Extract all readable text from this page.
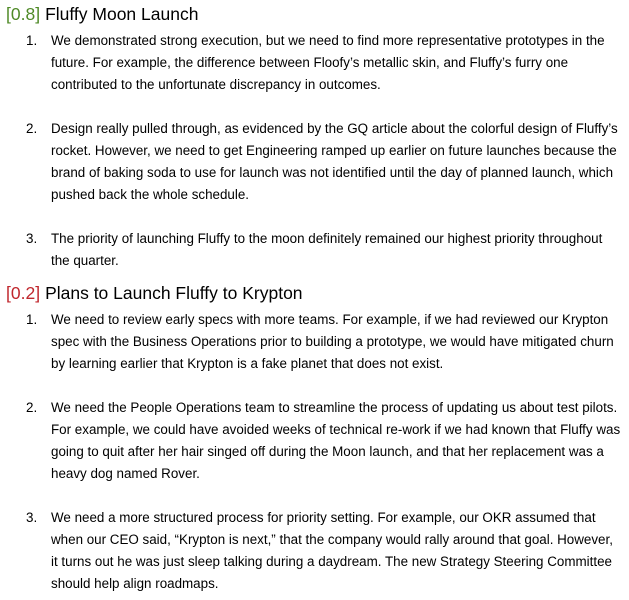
[0.8] Fluffy Moon Launch
1.	We demonstrated strong execution, but we need to find more representative prototypes in the future. For example, the difference between Floofy’s metallic skin, and Fluffy’s furry one contributed to the unfortunate discrepancy in outcomes.
2.	Design really pulled through, as evidenced by the GQ article about the colorful design of Fluffy’s rocket. However, we need to get Engineering ramped up earlier on future launches because the brand of baking soda to use for launch was not identified until the day of planned launch, which pushed back the whole schedule.
3.	The priority of launching Fluffy to the moon definitely remained our highest priority throughout the quarter.
[0.2] Plans to Launch Fluffy to Krypton
1.	We need to review early specs with more teams. For example, if we had reviewed our Krypton spec with the Business Operations prior to building a prototype, we would have mitigated churn by learning earlier that Krypton is a fake planet that does not exist.
2.	We need the People Operations team to streamline the process of updating us about test pilots. For example, we could have avoided weeks of technical re-work if we had known that Fluffy was going to quit after her hair singed off during the Moon launch, and that her replacement was a heavy dog named Rover.
3.	We need a more structured process for priority setting. For example, our OKR assumed that when our CEO said, “Krypton is next,” that the company would rally around that goal. However, it turns out he was just sleep talking during a daydream. The new Strategy Steering Committee should help align roadmaps.
